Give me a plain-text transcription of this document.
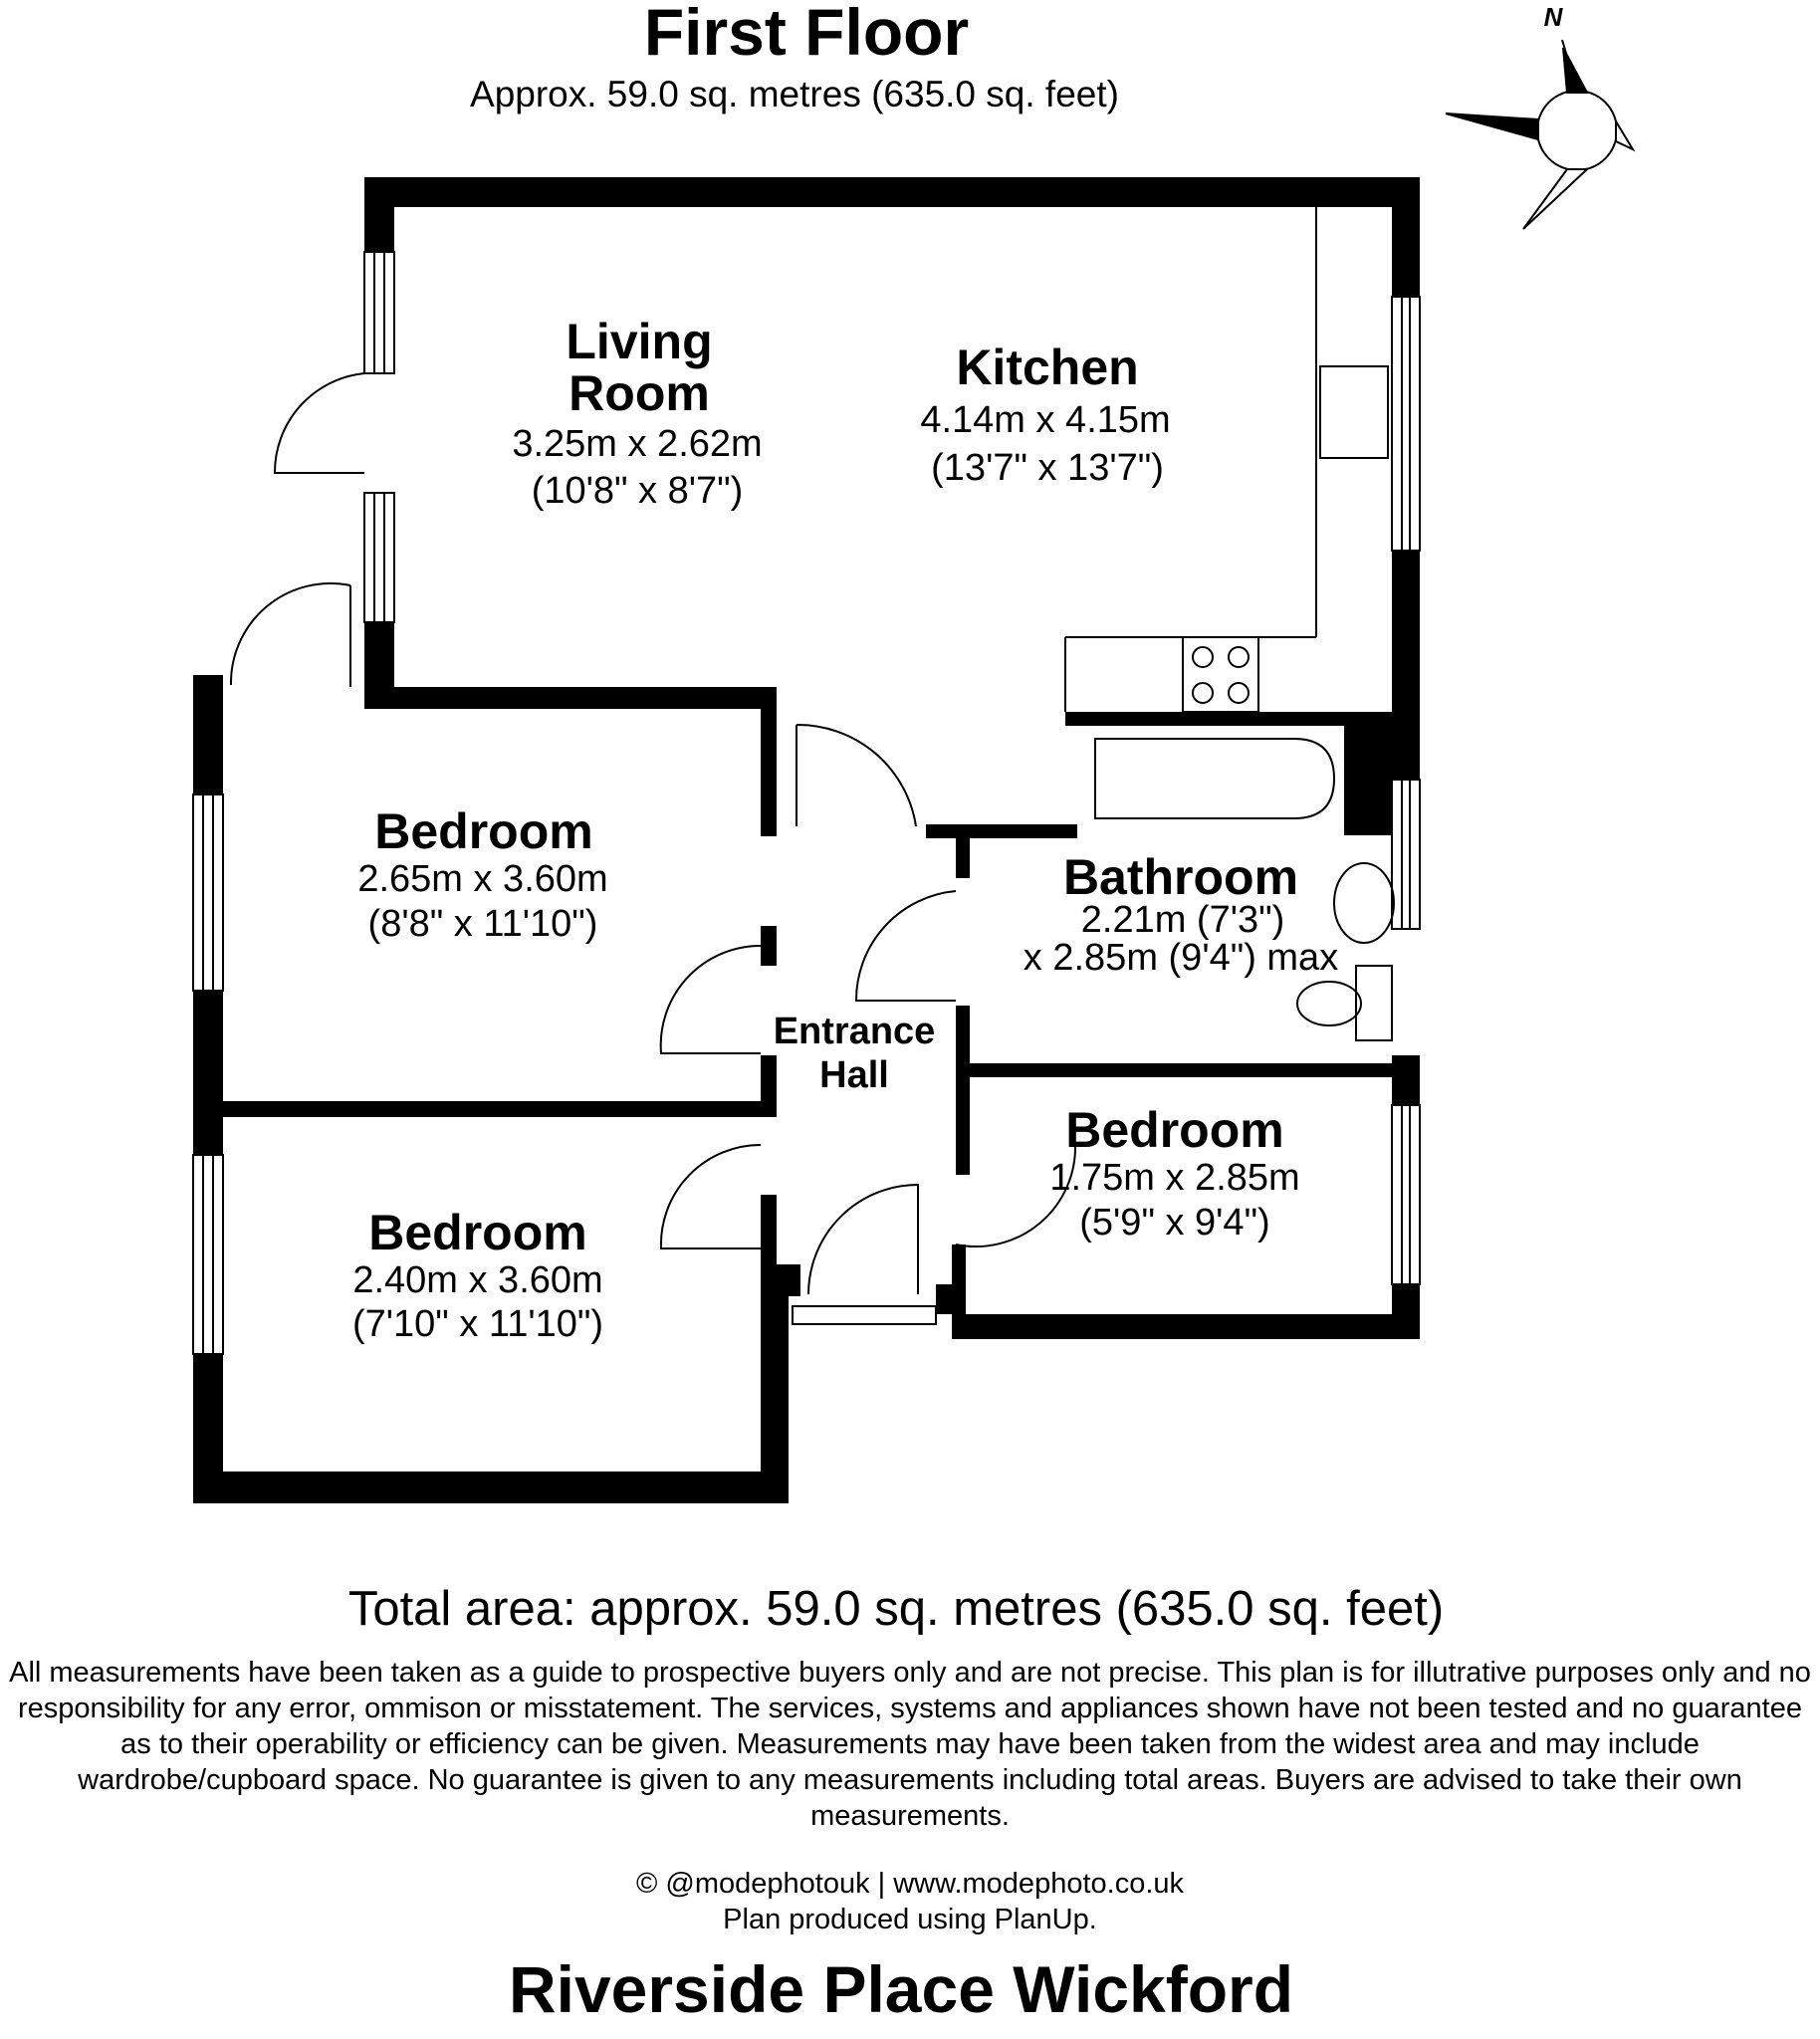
First Floor
Approx. 59.0 sq. metres (635.0 sq. feet)
N
Living
Room
3.25m x 2.62m
(10'8" x 8'7")
Kitchen
4.14m x 4.15m
(13'7" x 13'7")
Bedroom
2.65m x 3.60m
(8'8" x 11'10")
Bathroom
2.21m (7'3")
x 2.85m (9'4") max
Entrance
Hall
Bedroom
1.75m x 2.85m
(5'9" x 9'4")
Bedroom
2.40m x 3.60m
(7'10" x 11'10")
Total area: approx. 59.0 sq. metres (635.0 sq. feet)
All measurements have been taken as a guide to prospective buyers only and are not precise. This plan is for illutrative purposes only and no responsibility for any error, ommison or misstatement. The services, systems and appliances shown have not been tested and no guarantee as to their operability or efficiency can be given. Measurements may have been taken from the widest area and may include wardrobe/cupboard space. No guarantee is given to any measurements including total areas. Buyers are advised to take their own measurements.
© @modephotouk | www.modephoto.co.uk
Plan produced using PlanUp.
Riverside Place Wickford
